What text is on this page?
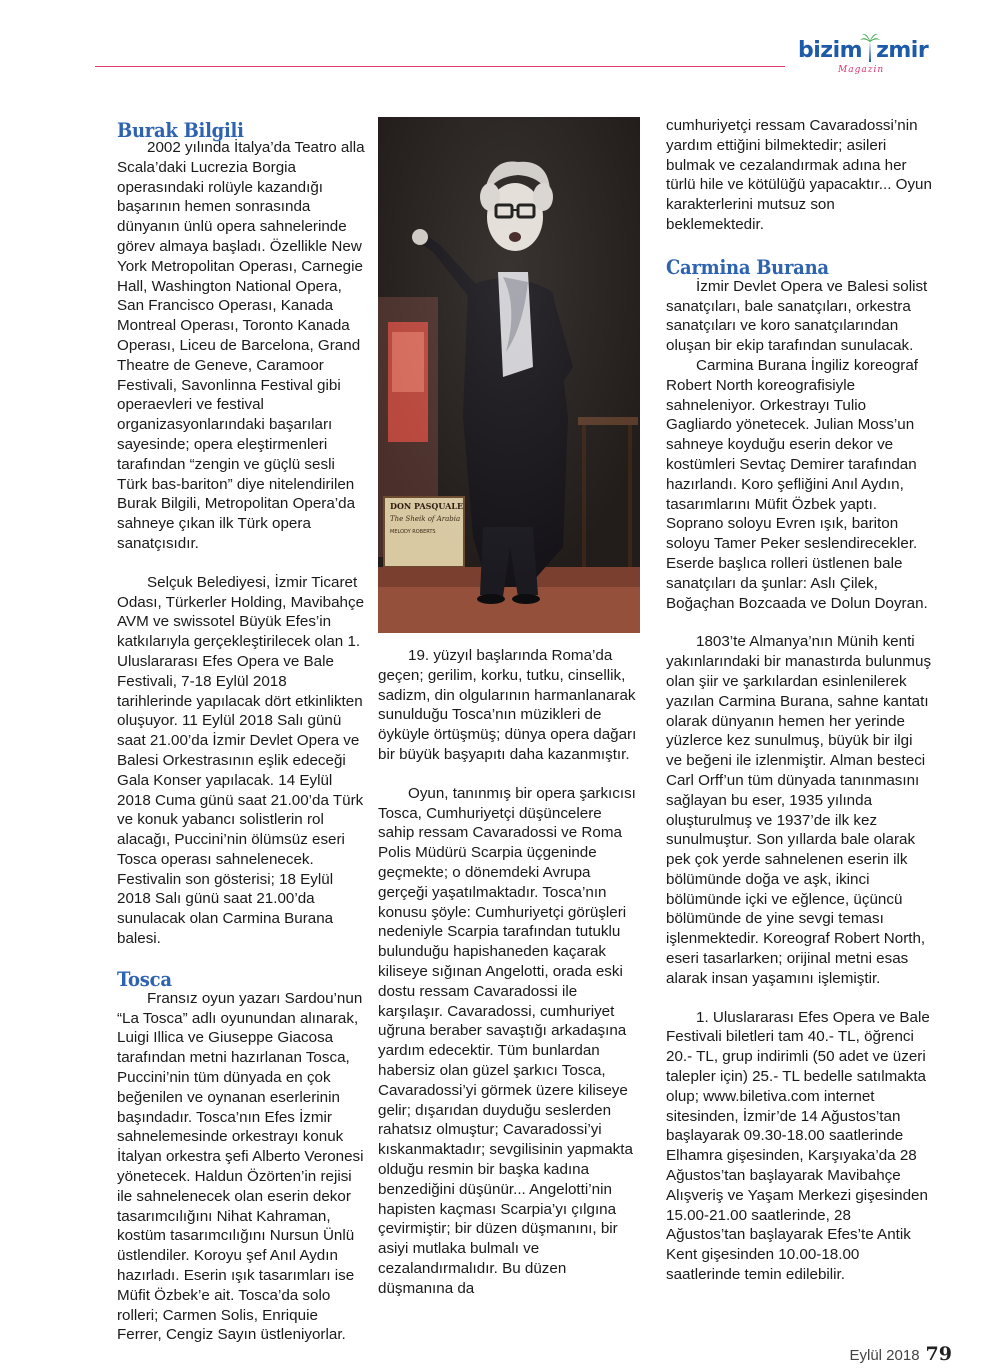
bizim zmir
Magazin
Burak Bilgili

2002 yılında İtalya’da Teatro alla Scala’daki Lucrezia Borgia operasındaki rolüyle kazandığı başarının hemen sonrasında dünyanın ünlü opera sahnelerinde görev almaya başladı. Özellikle New York Metropolitan Operası, Carnegie Hall, Washington National Opera, San Francisco Operası, Kanada Montreal Operası, Toronto Kanada Operası, Liceu de Barcelona, Grand Theatre de Geneve, Caramoor Festivali, Savonlinna Festival gibi operaevleri ve festival organizasyonlarındaki başarıları sayesinde; opera eleştirmenleri tarafından “zengin ve güçlü sesli Türk bas-bariton” diye nitelendirilen Burak Bilgili, Metropolitan Opera’da sahneye çıkan ilk Türk opera sanatçısıdır.

Selçuk Belediyesi, İzmir Ticaret Odası, Türkerler Holding, Mavibahçe AVM ve swissotel Büyük Efes’in katkılarıyla gerçekleştirilecek olan 1. Uluslararası Efes Opera ve Bale Festivali, 7-18 Eylül 2018 tarihlerinde yapılacak dört etkinlikten oluşuyor. 11 Eylül 2018 Salı günü saat 21.00’da İzmir Devlet Opera ve Balesi Orkestrasının eşlik edeceği Gala Konser yapılacak. 14 Eylül 2018 Cuma günü saat 21.00’da Türk ve konuk yabancı solistlerin rol alacağı, Puccini’nin ölümsüz eseri Tosca operası sahnelenecek. Festivalin son gösterisi; 18 Eylül 2018 Salı günü saat 21.00’da sunulacak olan Carmina Burana balesi.

Tosca

Fransız oyun yazarı Sardou’nun “La Tosca” adlı oyunundan alınarak, Luigi Illica ve Giuseppe Giacosa tarafından metni hazırlanan Tosca, Puccini’nin tüm dünyada en çok beğenilen ve oynanan eserlerinin başındadır. Tosca’nın Efes İzmir sahnelemesinde orkestrayı konuk İtalyan orkestra şefi Alberto Veronesi yönetecek. Haldun Özörten’in rejisi ile sahnelenecek olan eserin dekor tasarımcılığını Nihat Kahraman, kostüm tasarımcılığını Nursun Ünlü üstlendiler. Koroyu şef Anıl Aydın hazırladı. Eserin ışık tasarımları ise Müfit Özbek’e ait. Tosca’da solo rolleri; Carmen Solis, Enriquie Ferrer, Cengiz Sayın üstleniyorlar.

19. yüzyıl başlarında Roma’da geçen; gerilim, korku, tutku, cinsellik, sadizm, din olgularının harmanlanarak sunulduğu Tosca’nın müzikleri de öyküyle örtüşmüş; dünya opera dağarı bir büyük başyapıtı daha kazanmıştır.

Oyun, tanınmış bir opera şarkıcısı Tosca, Cumhuriyetçi düşüncelere sahip ressam Cavaradossi ve Roma Polis Müdürü Scarpia üçgeninde geçmekte; o dönemdeki Avrupa gerçeği yaşatılmaktadır. Tosca’nın konusu şöyle: Cumhuriyetçi görüşleri nedeniyle Scarpia tarafından tutuklu bulunduğu hapishaneden kaçarak kiliseye sığınan Angelotti, orada eski dostu ressam Cavaradossi ile karşılaşır. Cavaradossi, cumhuriyet uğruna beraber savaştığı arkadaşına yardım edecektir. Tüm bunlardan habersiz olan güzel şarkıcı Tosca, Cavaradossi’yi görmek üzere kiliseye gelir; dışarıdan duyduğu seslerden rahatsız olmuştur; Cavaradossi’yi kıskanmaktadır; sevgilisinin yapmakta olduğu resmin bir başka kadına benzediğini düşünür... Angelotti’nin hapisten kaçması Scarpia’yı çılgına çevirmiştir; bir düzen düşmanını, bir asiyi mutlaka bulmalı ve cezalandırmalıdır. Bu düzen düşmanına da

cumhuriyetçi ressam Cavaradossi’nin yardım ettiğini bilmektedir; asileri bulmak ve cezalandırmak adına her türlü hile ve kötülüğü yapacaktır... Oyun karakterlerini mutsuz son beklemektedir.

Carmina Burana

İzmir Devlet Opera ve Balesi solist sanatçıları, bale sanatçıları, orkestra sanatçıları ve koro sanatçılarından oluşan bir ekip tarafından sunulacak.

Carmina Burana İngiliz koreograf Robert North koreografisiyle sahneleniyor. Orkestrayı Tulio Gagliardo yönetecek. Julian Moss’un sahneye koyduğu eserin dekor ve kostümleri Sevtaç Demirer tarafından hazırlandı. Koro şefliğini Anıl Aydın, tasarımlarını Müfit Özbek yaptı. Soprano soloyu Evren ışık, bariton soloyu Tamer Peker seslendirecekler. Eserde başlıca rolleri üstlenen bale sanatçıları da şunlar: Aslı Çilek, Boğaçhan Bozcaada ve Dolun Doyran.

1803’te Almanya’nın Münih kenti yakınlarındaki bir manastırda bulunmuş olan şiir ve şarkılardan esinlenilerek yazılan Carmina Burana, sahne kantatı olarak dünyanın hemen her yerinde yüzlerce kez sunulmuş, büyük bir ilgi ve beğeni ile izlenmiştir. Alman besteci Carl Orff’un tüm dünyada tanınmasını sağlayan bu eser, 1935 yılında oluşturulmuş ve 1937’de ilk kez sunulmuştur. Son yıllarda bale olarak pek çok yerde sahnelenen eserin ilk bölümünde doğa ve aşk, ikinci bölümünde içki ve eğlence, üçüncü bölümünde de yine sevgi teması işlenmektedir. Koreograf Robert North, eseri tasarlarken; orijinal metni esas alarak insan yaşamını işlemiştir.

1. Uluslararası Efes Opera ve Bale Festivali biletleri tam 40.- TL, öğrenci 20.- TL, grup indirimli (50 adet ve üzeri talepler için) 25.- TL bedelle satılmakta olup; www.biletiva.com internet sitesinden, İzmir’de 14 Ağustos’tan başlayarak 09.30-18.00 saatlerinde Elhamra gişesinden, Karşıyaka’da 28 Ağustos’tan başlayarak Mavibahçe Alışveriş ve Yaşam Merkezi gişesinden 15.00-21.00 saatlerinde, 28 Ağustos’tan başlayarak Efes’te Antik Kent gişesinden 10.00-18.00 saatlerinde temin edilebilir.

Eylül 2018 79
